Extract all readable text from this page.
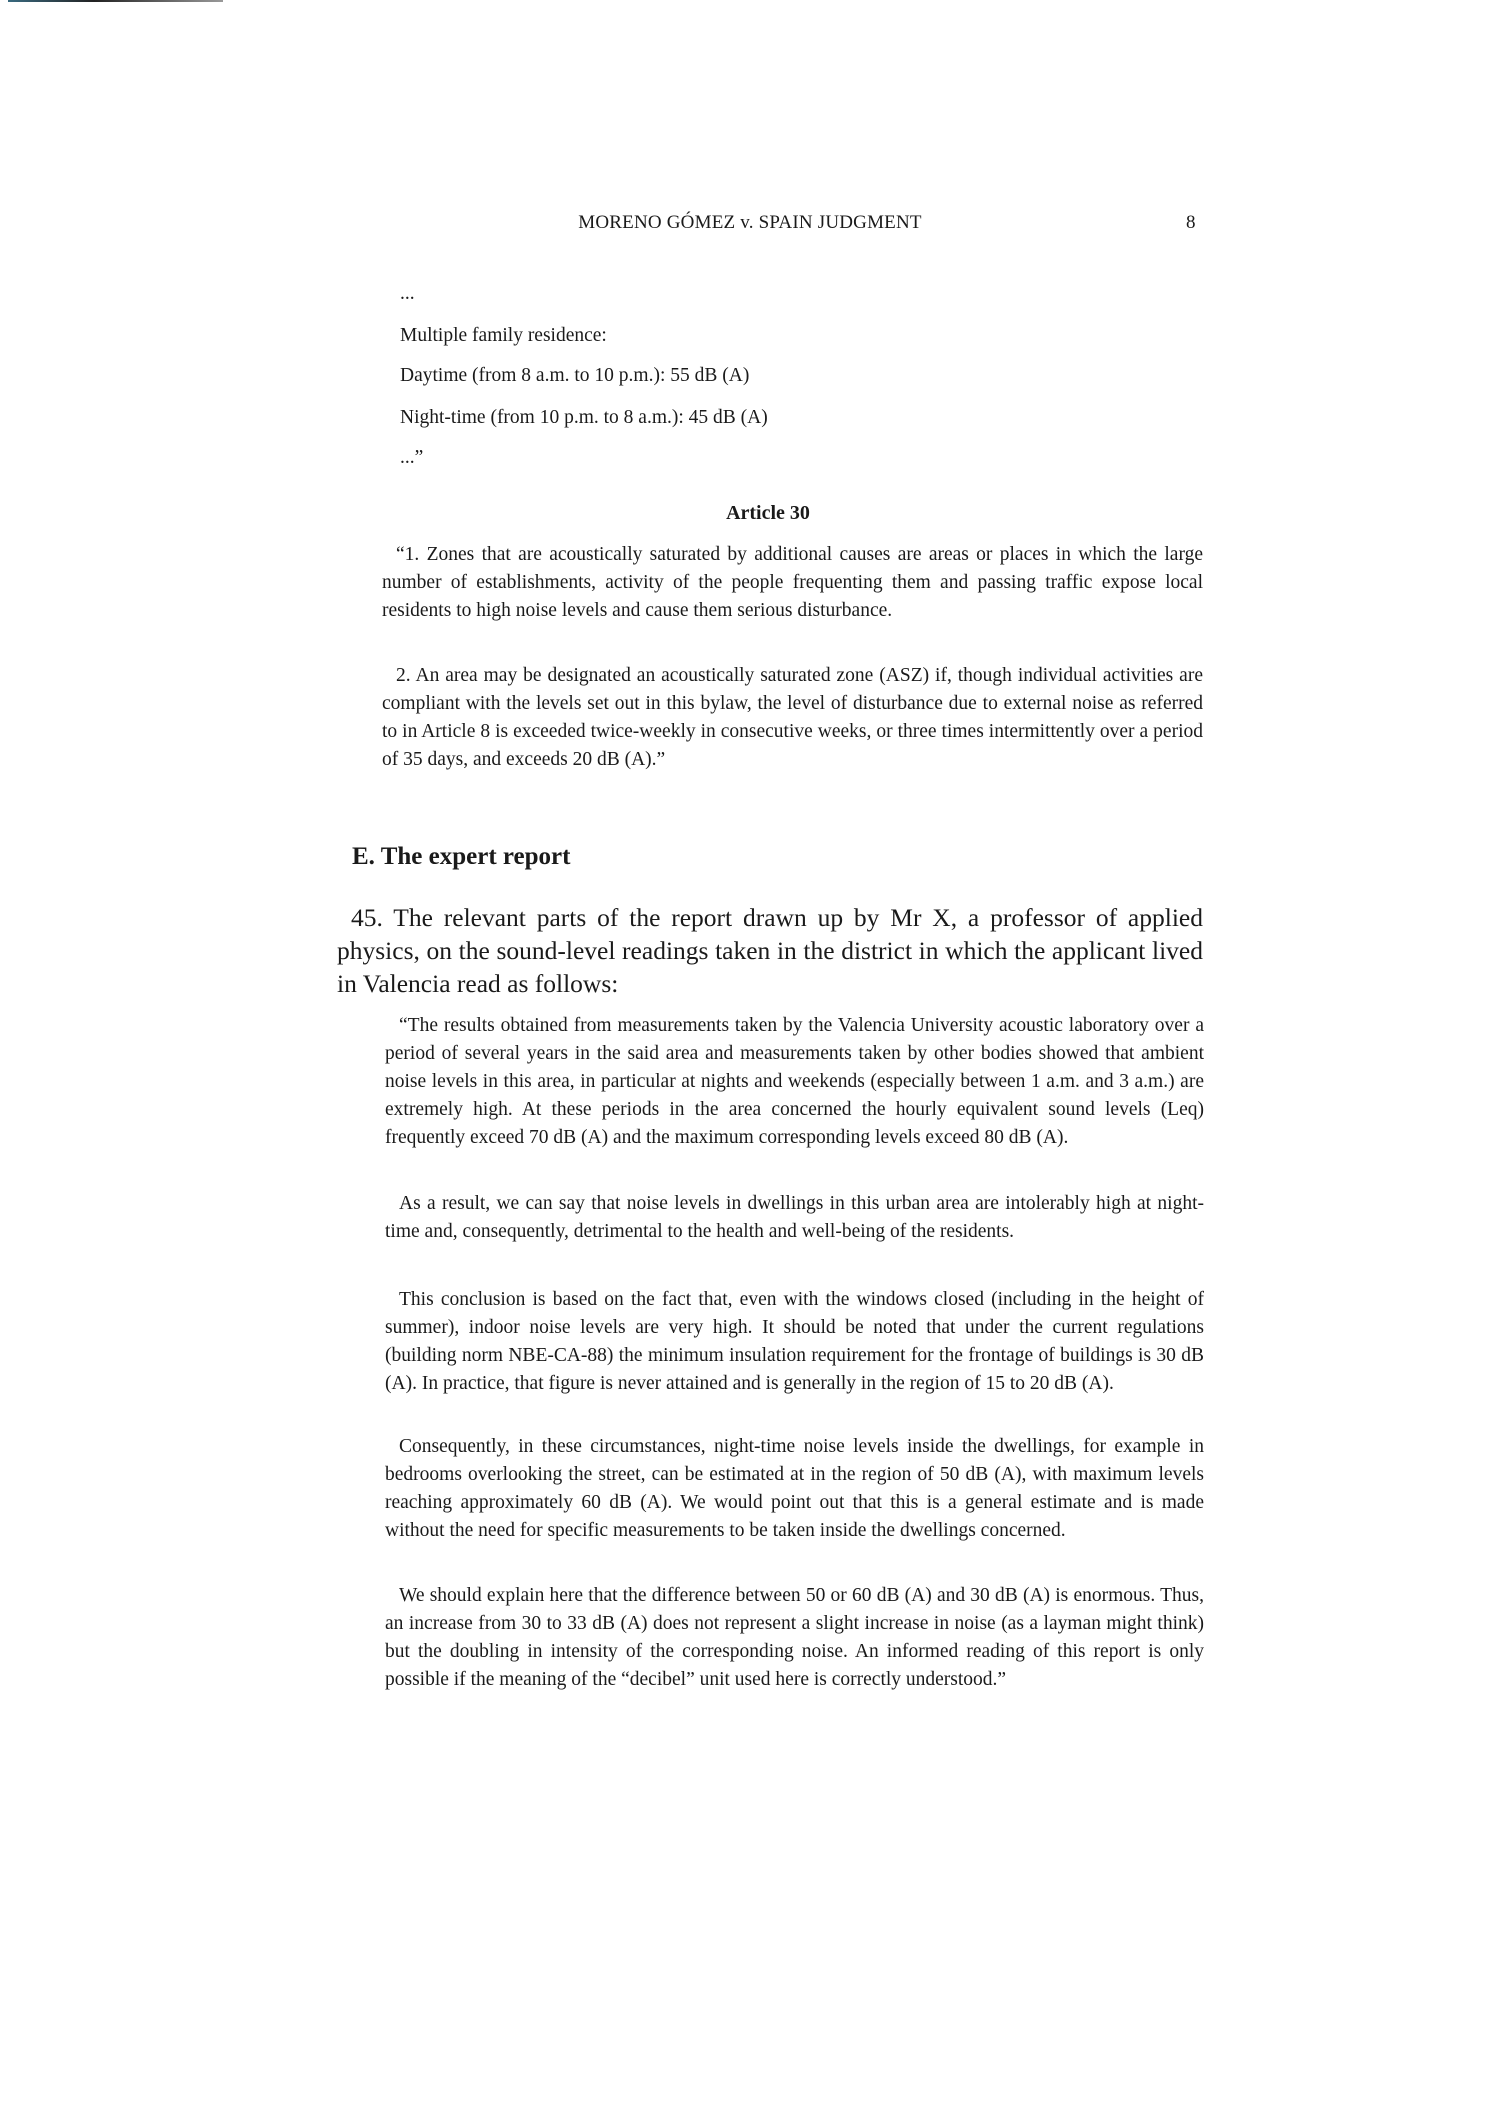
MORENO GÓMEZ v. SPAIN JUDGMENT	8
...
Multiple family residence:
Daytime (from 8 a.m. to 10 p.m.): 55 dB (A)
Night-time (from 10 p.m. to 8 a.m.): 45 dB (A)
...”
Article 30

“1. Zones that are acoustically saturated by additional causes are areas or places in which the large number of establishments, activity of the people frequenting them and passing traffic expose local residents to high noise levels and cause them serious disturbance.

2. An area may be designated an acoustically saturated zone (ASZ) if, though individual activities are compliant with the levels set out in this bylaw, the level of disturbance due to external noise as referred to in Article 8 is exceeded twice-weekly in consecutive weeks, or three times intermittently over a period of 35 days, and exceeds 20 dB (A).”

E. The expert report

45. The relevant parts of the report drawn up by Mr X, a professor of applied physics, on the sound-level readings taken in the district in which the applicant lived in Valencia read as follows:

“The results obtained from measurements taken by the Valencia University acoustic laboratory over a period of several years in the said area and measurements taken by other bodies showed that ambient noise levels in this area, in particular at nights and weekends (especially between 1 a.m. and 3 a.m.) are extremely high. At these periods in the area concerned the hourly equivalent sound levels (Leq) frequently exceed 70 dB (A) and the maximum corresponding levels exceed 80 dB (A).

As a result, we can say that noise levels in dwellings in this urban area are intolerably high at night-time and, consequently, detrimental to the health and well-being of the residents.

This conclusion is based on the fact that, even with the windows closed (including in the height of summer), indoor noise levels are very high. It should be noted that under the current regulations (building norm NBE-CA-88) the minimum insulation requirement for the frontage of buildings is 30 dB (A). In practice, that figure is never attained and is generally in the region of 15 to 20 dB (A).

Consequently, in these circumstances, night-time noise levels inside the dwellings, for example in bedrooms overlooking the street, can be estimated at in the region of 50 dB (A), with maximum levels reaching approximately 60 dB (A). We would point out that this is a general estimate and is made without the need for specific measurements to be taken inside the dwellings concerned.

We should explain here that the difference between 50 or 60 dB (A) and 30 dB (A) is enormous. Thus, an increase from 30 to 33 dB (A) does not represent a slight increase in noise (as a layman might think) but the doubling in intensity of the corresponding noise. An informed reading of this report is only possible if the meaning of the “decibel” unit used here is correctly understood.”
